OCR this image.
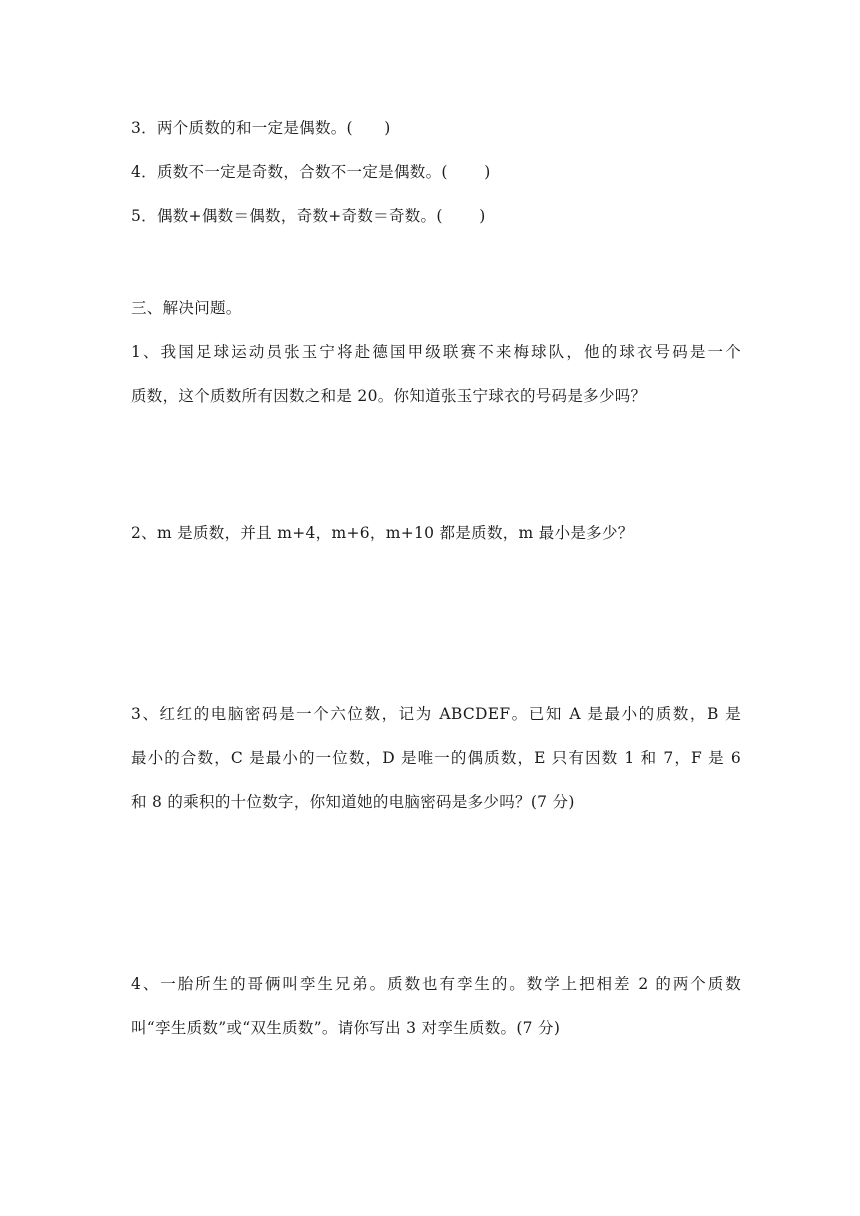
3．两个质数的和一定是偶数。(      )
4．质数不一定是奇数，合数不一定是偶数。(       )
5．偶数+偶数＝偶数，奇数+奇数＝奇数。(       )
三、解决问题。
1、我国足球运动员张玉宁将赴德国甲级联赛不来梅球队，他的球衣号码是一个
质数，这个质数所有因数之和是 20。你知道张玉宁球衣的号码是多少吗？
2、m 是质数，并且 m+4，m+6，m+10 都是质数，m 最小是多少？
3、红红的电脑密码是一个六位数，记为 ABCDEF。已知 A 是最小的质数，B 是
最小的合数，C 是最小的一位数，D 是唯一的偶质数，E 只有因数 1 和 7，F 是 6
和 8 的乘积的十位数字，你知道她的电脑密码是多少吗？(7 分)
4、一胎所生的哥俩叫孪生兄弟。质数也有孪生的。数学上把相差 2 的两个质数
叫“孪生质数”或“双生质数”。请你写出 3 对孪生质数。(7 分)
